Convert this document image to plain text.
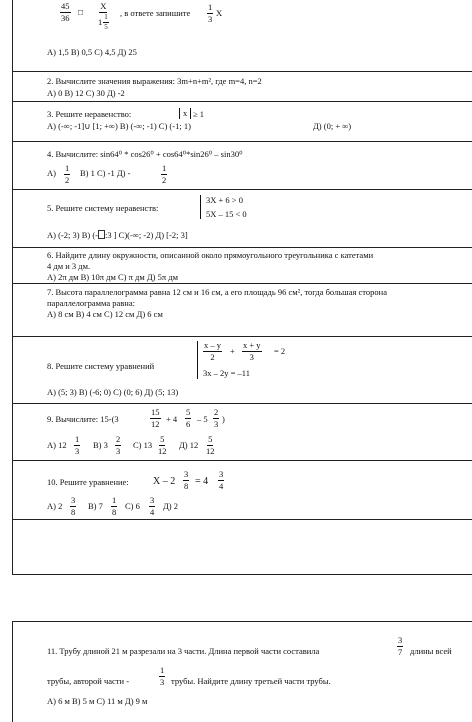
45
36
□
X
1
1
5
, в ответе запишите
1
3
X
А) 1,5 В) 0,5 С) 4,5 Д) 25
2. Вычислите значения выражения: 3m+n+m², где m=4, n=2
А) 0 В) 12 С) 30 Д) -2
3. Решите неравенство:	x ≥ 1
А) (-∞; -1]∪ [1; +∞) В) (-∞; -1) С) (-1; 1)	Д) (0; + ∞)
4. Вычислите: sin64⁰ * cos26⁰ + cos64⁰*sin26⁰ – sin30⁰
А) 1
2
В) 1 С) -1 Д) -	1
2
5. Решите систему неравенств:
3X + 6 > 0
5X – 15 < 0
А) (-2; 3) В) (- :3 ] С)(-∞; -2) Д) [-2; 3]
6. Найдите длину окружности, описанной около прямоугольного треугольника с катетами
4 дм и 3 дм.
А) 2π дм В) 10π дм С) π дм Д) 5π дм
7. Высота параллелограмма равна 12 см и 16 см, а его площадь 96 см², тогда большая сторона
параллелограмма равна:
А) 8 см В) 4 см С) 12 см Д) 6 см
8. Решите систему уравнений
x – y
2
+
x + y
3
= 2
3x – 2y = –11
А) (5; 3) В) (-6; 0) С) (0; 6) Д) (5; 13)
9. Вычислите: 15-(3
15
12 + 4
5
6 – 5
2
3 )
А) 12
1
3
В) 3
2
3
С) 13
5
12
Д) 12
5
12
10. Решите уравнение: X – 2
3
8 = 4
3
4
А) 2
3
8
В) 7
1
8
С) 6
3
4
Д) 2
11. Трубу длиной 21 м разрезали на 3 части. Длина первой части составила
3
7 длины всей
трубы, авторой части -
1
3 трубы. Найдите длину третьей части трубы.
А) 6 м В) 5 м С) 11 м Д) 9 м
